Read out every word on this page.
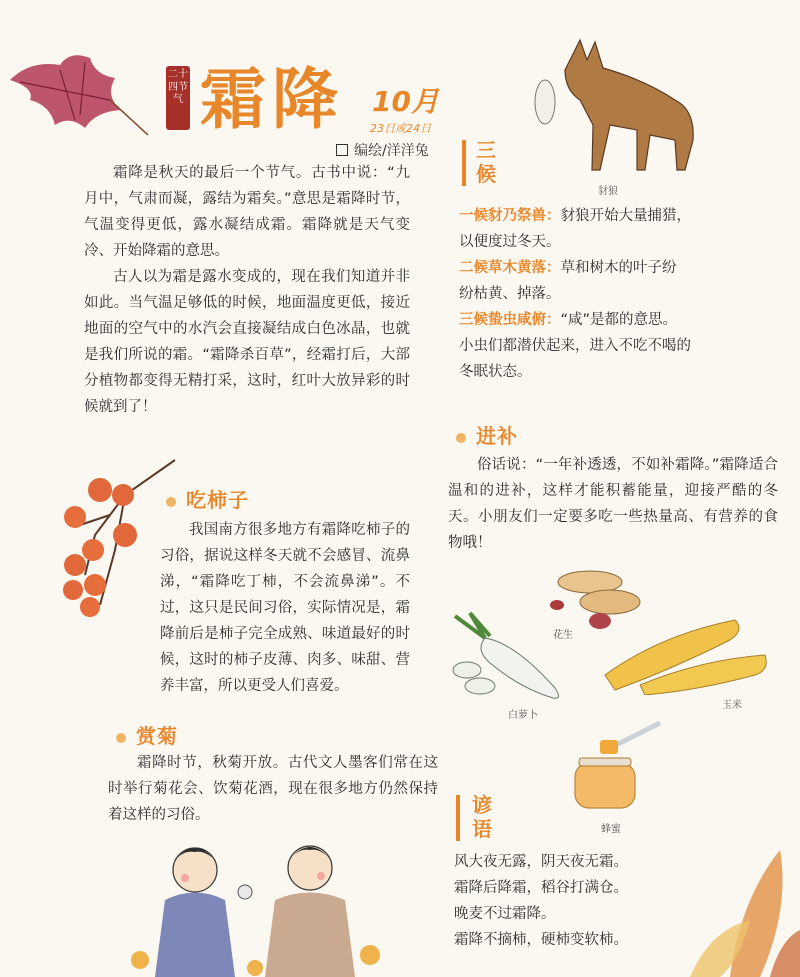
二十四节气 霜降 10月
23日或24日
编绘/洋洋兔

霜降是秋天的最后一个节气。古书中说：“九月中，气肃而凝，露结为霜矣。”意思是霜降时节，气温变得更低，露水凝结成霜。霜降就是天气变冷、开始降霜的意思。

古人以为霜是露水变成的，现在我们知道并非如此。当气温足够低的时候，地面温度更低，接近地面的空气中的水汽会直接凝结成白色冰晶，也就是我们所说的霜。“霜降杀百草”，经霜打后，大部分植物都变得无精打采，这时，红叶大放异彩的时候就到了！

吃柿子

我国南方很多地方有霜降吃柿子的习俗，据说这样冬天就不会感冒、流鼻涕，“霜降吃丁柿，不会流鼻涕”。不过，这只是民间习俗，实际情况是，霜降前后是柿子完全成熟、味道最好的时候，这时的柿子皮薄、肉多、味甜、营养丰富，所以更受人们喜爱。

赏菊

霜降时节，秋菊开放。古代文人墨客们常在这时举行菊花会、饮菊花酒，现在很多地方仍然保持着这样的习俗。

豺狼
三候
一候豺乃祭兽：豺狼开始大量捕猎，
以便度过冬天。
二候草木黄落：草和树木的叶子纷
纷枯黄、掉落。
三候蛰虫咸俯：“咸”是都的意思。
小虫们都潜伏起来，进入不吃不喝的
冬眠状态。
进补

俗话说：“一年补透透，不如补霜降。”霜降适合温和的进补，这样才能积蓄能量，迎接严酷的冬天。小朋友们一定要多吃一些热量高、有营养的食物哦！

花生
白萝卜
玉米
蜂蜜
谚语
风大夜无露，阴天夜无霜。
霜降后降霜，稻谷打满仓。
晚麦不过霜降。
霜降不摘柿，硬柿变软柿。
